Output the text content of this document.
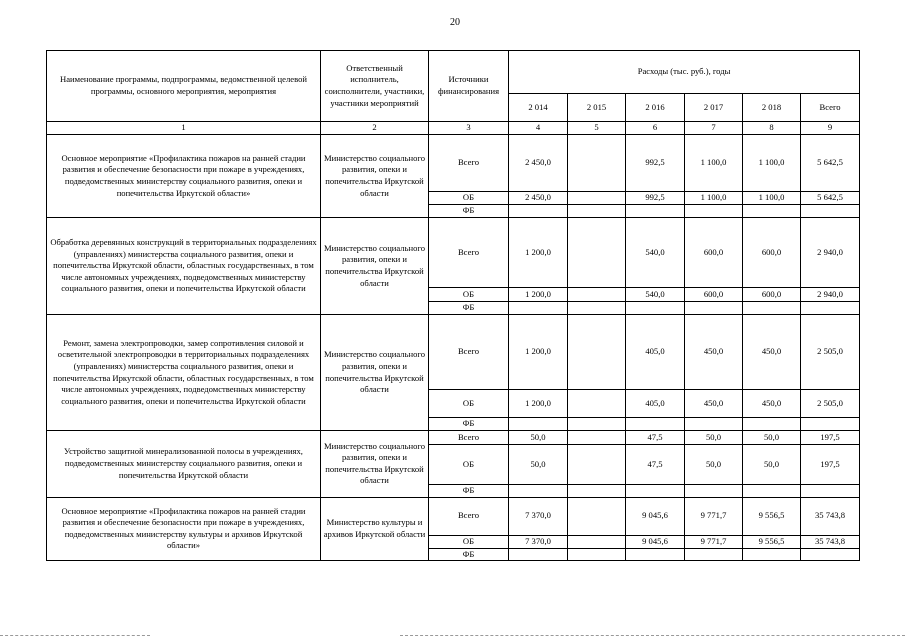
20
Наименование программы, подпрограммы, ведомственной целевой программы, основного мероприятия, мероприятия	Ответственный исполнитель, соисполнители, участники, участники мероприятий	Источники финансирования	Расходы (тыс. руб.), годы					
			2 014	2 015	2 016	2 017	2 018	Всего
1	2	3	4	5	6	7	8	9
Основное мероприятие «Профилактика пожаров на ранней стадии развития и обеспечение безопасности при пожаре в учреждениях, подведомственных министерству социального развития, опеки и попечительства Иркутской области»	Министерство социального развития, опеки и попечительства Иркутской области	Всего	2 450,0		992,5	1 100,0	1 100,0	5 642,5
		ОБ	2 450,0		992,5	1 100,0	1 100,0	5 642,5
		ФБ						
Обработка деревянных конструкций в территориальных подразделениях (управлениях) министерства социального развития, опеки и попечительства Иркутской области, областных государственных, в том числе автономных учреждениях, подведомственных министерству социального развития, опеки и попечительства Иркутской области	Министерство социального развития, опеки и попечительства Иркутской области	Всего	1 200,0		540,0	600,0	600,0	2 940,0
		ОБ	1 200,0		540,0	600,0	600,0	2 940,0
		ФБ						
Ремонт, замена электропроводки, замер сопротивления силовой и осветительной электропроводки в территориальных подразделениях (управлениях) министерства социального развития, опеки и попечительства Иркутской области, областных государственных, в том числе автономных учреждениях, подведомственных министерству социального развития, опеки и попечительства Иркутской области	Министерство социального развития, опеки и попечительства Иркутской области	Всего	1 200,0		405,0	450,0	450,0	2 505,0
		ОБ	1 200,0		405,0	450,0	450,0	2 505,0
		ФБ						
Устройство защитной минерализованной полосы в учреждениях, подведомственных министерству социального развития, опеки и попечительства Иркутской области	Министерство социального развития, опеки и попечительства Иркутской области	Всего	50,0		47,5	50,0	50,0	197,5
		ОБ	50,0		47,5	50,0	50,0	197,5
		ФБ						
Основное мероприятие «Профилактика пожаров на ранней стадии развития и обеспечение безопасности при пожаре в учреждениях, подведомственных министерству культуры и архивов Иркутской области»	Министерство культуры и архивов Иркутской области	Всего	7 370,0		9 045,6	9 771,7	9 556,5	35 743,8
		ОБ	7 370,0		9 045,6	9 771,7	9 556,5	35 743,8
		ФБ						
